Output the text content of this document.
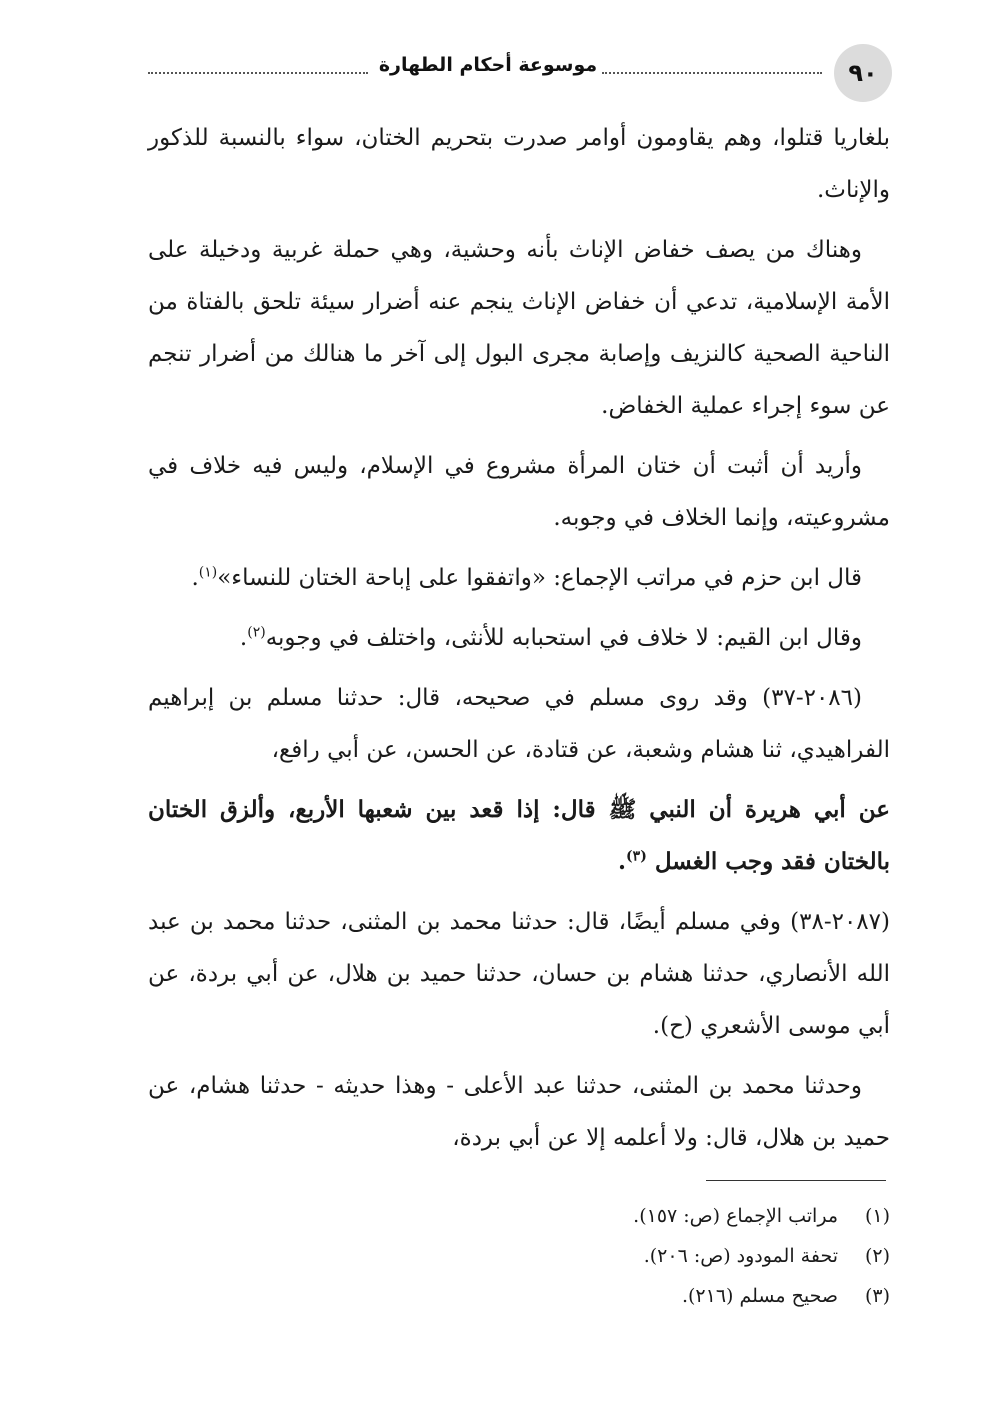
٩٠
موسوعة أحكام الطهارة

بلغاريا قتلوا، وهم يقاومون أوامر صدرت بتحريم الختان، سواء بالنسبة للذكور والإناث.

وهناك من يصف خفاض الإناث بأنه وحشية، وهي حملة غربية ودخيلة على الأمة الإسلامية، تدعي أن خفاض الإناث ينجم عنه أضرار سيئة تلحق بالفتاة من الناحية الصحية كالنزيف وإصابة مجرى البول إلى آخر ما هنالك من أضرار تنجم عن سوء إجراء عملية الخفاض.

وأريد أن أثبت أن ختان المرأة مشروع في الإسلام، وليس فيه خلاف في مشروعيته، وإنما الخلاف في وجوبه.

قال ابن حزم في مراتب الإجماع: «واتفقوا على إباحة الختان للنساء»$^{(١)}$.

وقال ابن القيم: لا خلاف في استحبابه للأنثى، واختلف في وجوبه$^{(٢)}$.

(٢٠٨٦-٣٧) وقد روى مسلم في صحيحه، قال: حدثنا مسلم بن إبراهيم الفراهيدي، ثنا هشام وشعبة، عن قتادة، عن الحسن، عن أبي رافع،

عن أبي هريرة أن النبي ﷺ قال: إذا قعد بين شعبها الأربع، وألزق الختان بالختان فقد وجب الغسل $^{(٣)}$.

(٢٠٨٧-٣٨) وفي مسلم أيضًا، قال: حدثنا محمد بن المثنى، حدثنا محمد بن عبد الله الأنصاري، حدثنا هشام بن حسان، حدثنا حميد بن هلال، عن أبي بردة، عن أبي موسى الأشعري (ح).

وحدثنا محمد بن المثنى، حدثنا عبد الأعلى - وهذا حديثه - حدثنا هشام، عن حميد بن هلال، قال: ولا أعلمه إلا عن أبي بردة،

(١)
مراتب الإجماع (ص: ١٥٧).
(٢)
تحفة المودود (ص: ٢٠٦).
(٣)
صحيح مسلم (٢١٦).
